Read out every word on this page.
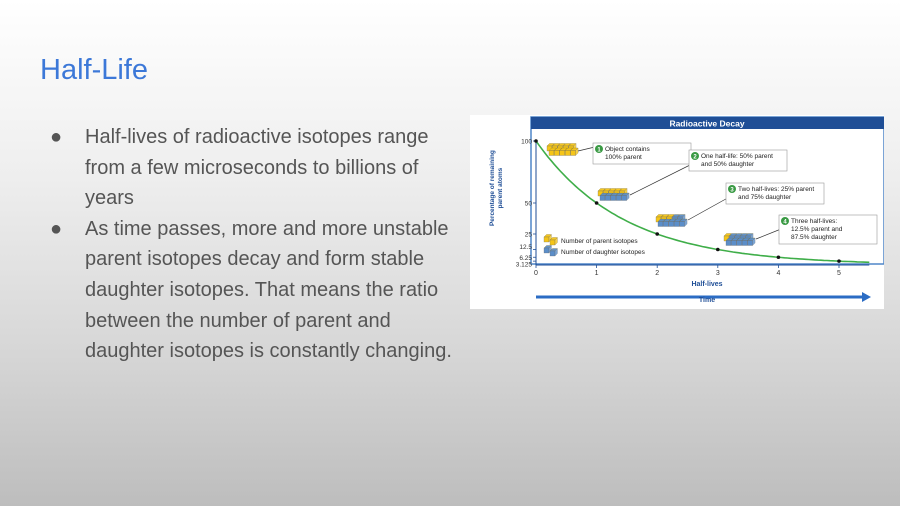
Half-Life
● Half-lives of radioactive isotopes range from a few microseconds to billions of years
● As time passes, more and more unstable parent isotopes decay and form stable daughter isotopes. That means the ratio between the number of parent and daughter isotopes is constantly changing.
Radioactive Decay
100
50
25
12.5
6.25
3.125
0	1	2	3	4	5
Half-lives
Percentage of remaining parent atoms
Time
1 Object contains
100% parent	2 One half-life: 50% parent
and 50% daughter
3 Two half-lives: 25% parent
and 75% daughter
4 Three half-lives:
12.5% parent and
87.5% daughter
Number of parent isotopes
Number of daughter isotopes
